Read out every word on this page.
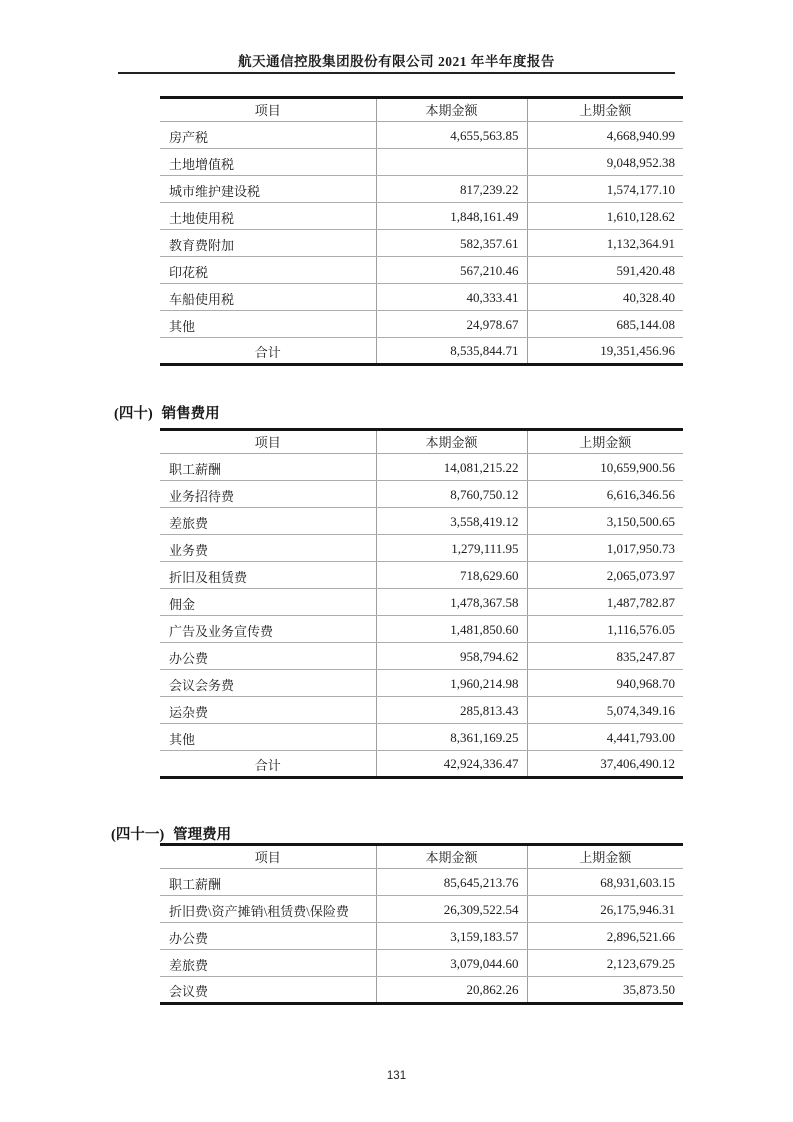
航天通信控股集团股份有限公司 2021 年半年度报告
项目	本期金额	上期金额
房产税	4,655,563.85	4,668,940.99
土地增值税		9,048,952.38
城市维护建设税	817,239.22	1,574,177.10
土地使用税	1,848,161.49	1,610,128.62
教育费附加	582,357.61	1,132,364.91
印花税	567,210.46	591,420.48
车船使用税	40,333.41	40,328.40
其他	24,978.67	685,144.08
合计	8,535,844.71	19,351,456.96
(四十) 销售费用
项目	本期金额	上期金额
职工薪酬	14,081,215.22	10,659,900.56
业务招待费	8,760,750.12	6,616,346.56
差旅费	3,558,419.12	3,150,500.65
业务费	1,279,111.95	1,017,950.73
折旧及租赁费	718,629.60	2,065,073.97
佣金	1,478,367.58	1,487,782.87
广告及业务宣传费	1,481,850.60	1,116,576.05
办公费	958,794.62	835,247.87
会议会务费	1,960,214.98	940,968.70
运杂费	285,813.43	5,074,349.16
其他	8,361,169.25	4,441,793.00
合计	42,924,336.47	37,406,490.12
(四十一) 管理费用
项目	本期金额	上期金额
职工薪酬	85,645,213.76	68,931,603.15
折旧费\资产摊销\租赁费\保险费	26,309,522.54	26,175,946.31
办公费	3,159,183.57	2,896,521.66
差旅费	3,079,044.60	2,123,679.25
会议费	20,862.26	35,873.50
131
